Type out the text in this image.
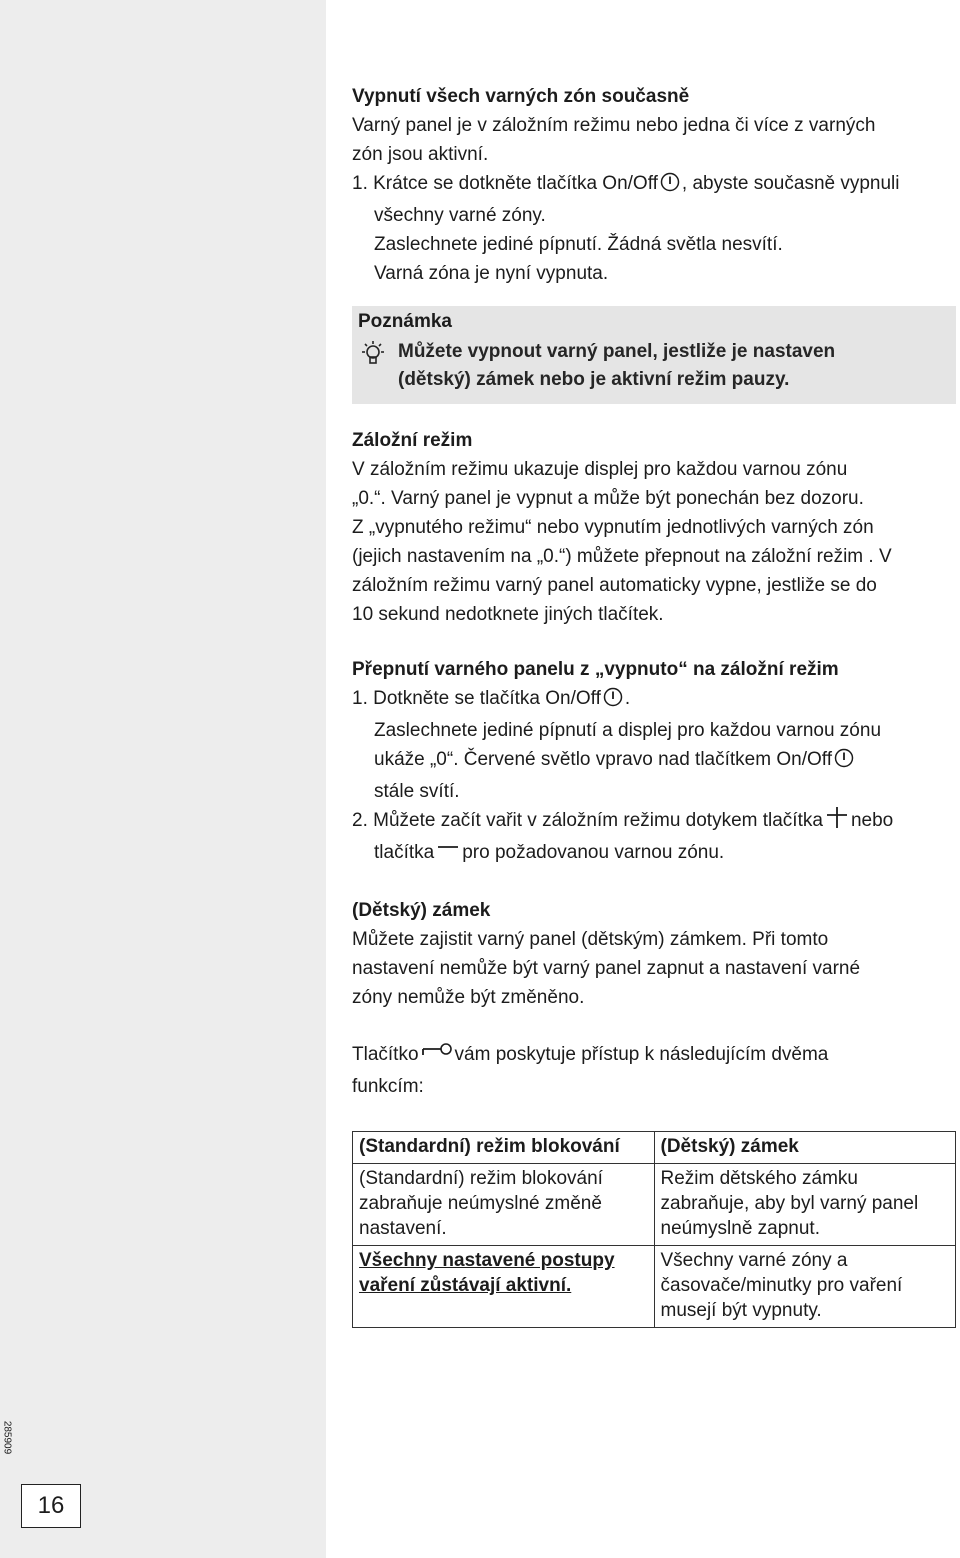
285909
16
Vypnutí všech varných zón současně
Varný panel je v záložním režimu nebo jedna či více z varných
zón jsou aktivní.
1. Krátce se dotkněte tlačítka On/Off , abyste současně vypnuli
všechny varné zóny.
Zaslechnete jediné pípnutí. Žádná světla nesvítí.
Varná zóna je nyní vypnuta.
Poznámka
Můžete vypnout varný panel, jestliže je nastaven
(dětský) zámek nebo je aktivní režim pauzy.
Záložní režim
V záložním režimu ukazuje displej pro každou varnou zónu
„0.“. Varný panel je vypnut a může být ponechán bez dozoru.
Z „vypnutého režimu“ nebo vypnutím jednotlivých varných zón
(jejich nastavením na „0.“) můžete přepnout na záložní režim . V
záložním režimu varný panel automaticky vypne, jestliže se do
10 sekund nedotknete jiných tlačítek.
Přepnutí varného panelu z „vypnuto“ na záložní režim
1. Dotkněte se tlačítka On/Off .
Zaslechnete jediné pípnutí a displej pro každou varnou zónu
ukáže „0“. Červené světlo vpravo nad tlačítkem On/Off
stále svítí.
2. Můžete začít vařit v záložním režimu dotykem tlačítka nebo
tlačítka pro požadovanou varnou zónu.
(Dětský) zámek
Můžete zajistit varný panel (dětským) zámkem. Při tomto
nastavení nemůže být varný panel zapnut a nastavení varné
zóny nemůže být změněno.
Tlačítko vám poskytuje přístup k následujícím dvěma
funkcím:
(Standardní) režim blokování	(Dětský) zámek
(Standardní) režim blokování zabraňuje neúmyslné změně nastavení.	Režim dětského zámku zabraňuje, aby byl varný panel neúmyslně zapnut.
Všechny nastavené postupy vaření zůstávají aktivní.	Všechny varné zóny a časovače/minutky pro vaření musejí být vypnuty.
